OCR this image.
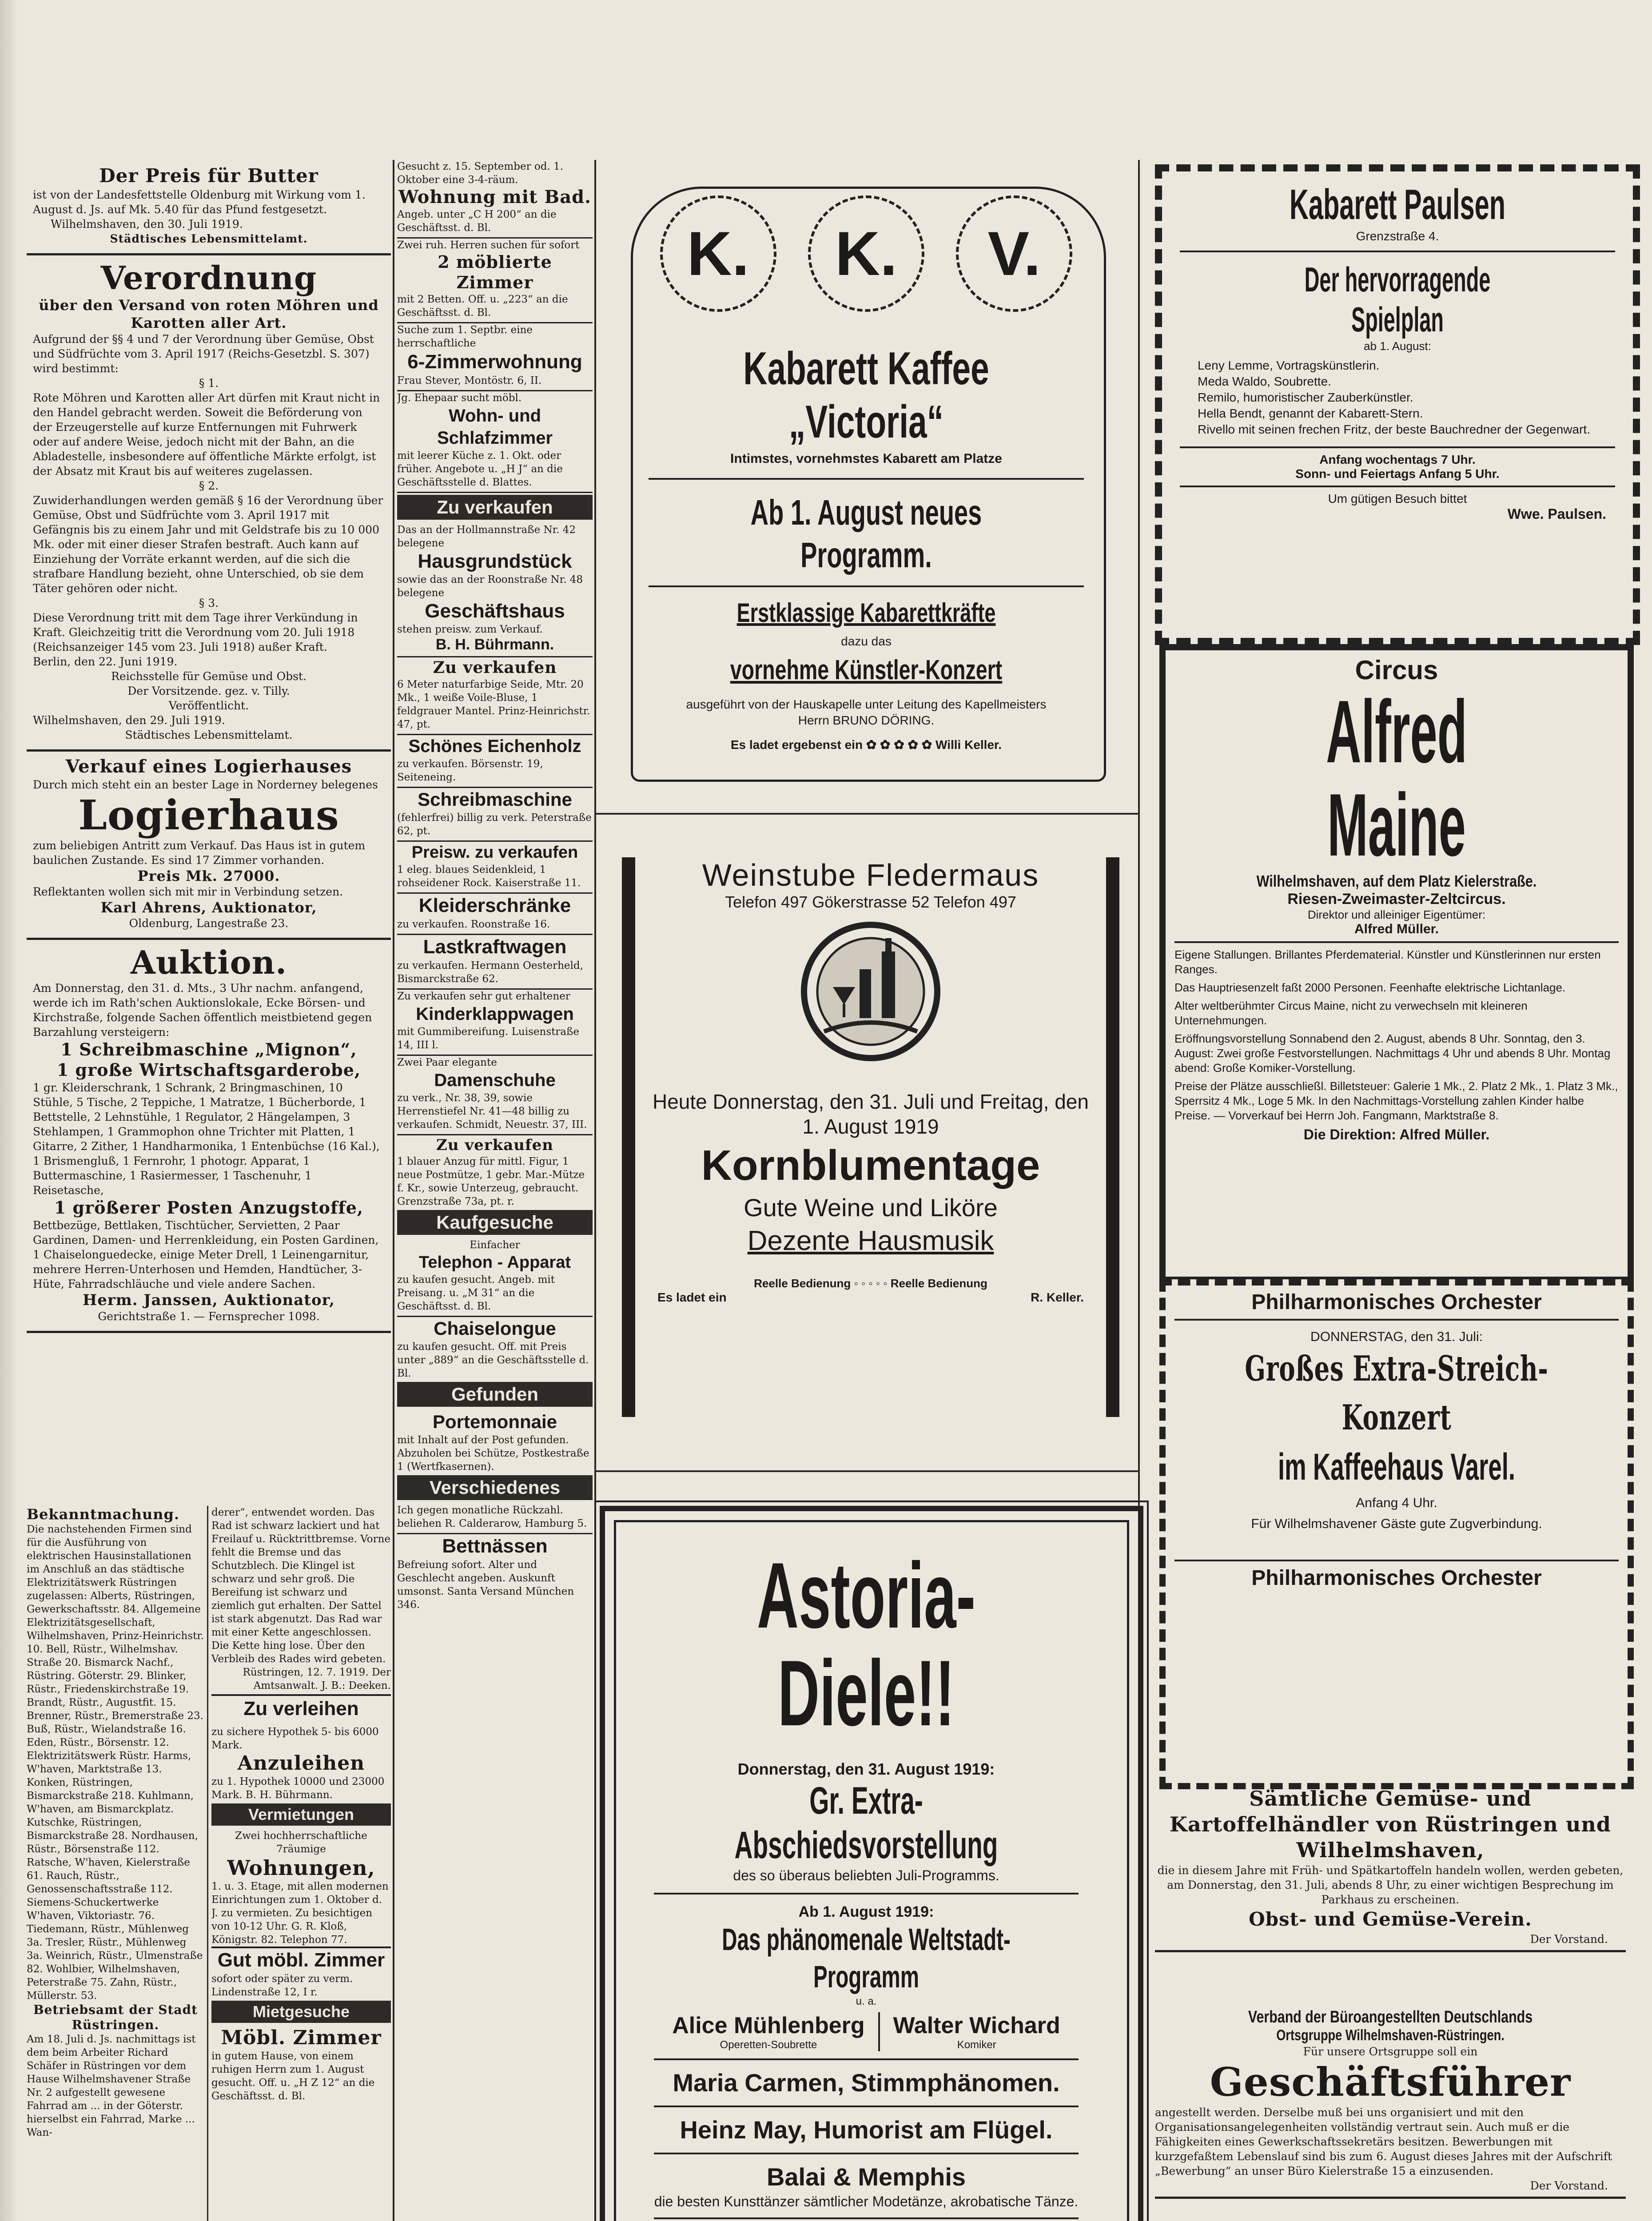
Der Preis für Butter

ist von der Landesfettstelle Oldenburg mit Wirkung vom 1. August d. Js. auf Mk. 5.40 für das Pfund festgesetzt.

Wilhelmshaven, den 30. Juli 1919.

Städtisches Lebensmittelamt.

Verordnung
über den Versand von roten Möhren und Karotten aller Art.

Aufgrund der §§ 4 und 7 der Verordnung über Gemüse, Obst und Südfrüchte vom 3. April 1917 (Reichs-Gesetzbl. S. 307) wird bestimmt:

§ 1.

Rote Möhren und Karotten aller Art dürfen mit Kraut nicht in den Handel gebracht werden. Soweit die Beförderung von der Erzeugerstelle auf kurze Entfernungen mit Fuhrwerk oder auf andere Weise, jedoch nicht mit der Bahn, an die Abladestelle, insbesondere auf öffentliche Märkte erfolgt, ist der Absatz mit Kraut bis auf weiteres zugelassen.

§ 2.

Zuwiderhandlungen werden gemäß § 16 der Verordnung über Gemüse, Obst und Südfrüchte vom 3. April 1917 mit Gefängnis bis zu einem Jahr und mit Geldstrafe bis zu 10 000 Mk. oder mit einer dieser Strafen bestraft. Auch kann auf Einziehung der Vorräte erkannt werden, auf die sich die strafbare Handlung bezieht, ohne Unterschied, ob sie dem Täter gehören oder nicht.

§ 3.

Diese Verordnung tritt mit dem Tage ihrer Verkündung in Kraft. Gleichzeitig tritt die Verordnung vom 20. Juli 1918 (Reichsanzeiger 145 vom 23. Juli 1918) außer Kraft.

Berlin, den 22. Juni 1919.

Reichsstelle für Gemüse und Obst.

Der Vorsitzende. gez. v. Tilly.

Veröffentlicht.

Wilhelmshaven, den 29. Juli 1919.

Städtisches Lebensmittelamt.

Verkauf eines Logierhauses

Durch mich steht ein an bester Lage in Norderney belegenes

Logierhaus

zum beliebigen Antritt zum Verkauf. Das Haus ist in gutem baulichen Zustande. Es sind 17 Zimmer vorhanden.

Preis Mk. 27000.

Reflektanten wollen sich mit mir in Verbindung setzen.

Karl Ahrens, Auktionator,

Oldenburg, Langestraße 23.

Auktion.

Am Donnerstag, den 31. d. Mts., 3 Uhr nachm. anfangend, werde ich im Rath'schen Auktionslokale, Ecke Börsen- und Kirchstraße, folgende Sachen öffentlich meistbietend gegen Barzahlung versteigern:

1 Schreibmaschine „Mignon“,

1 große Wirtschaftsgarderobe,

1 gr. Kleiderschrank, 1 Schrank, 2 Bringmaschinen, 10 Stühle, 5 Tische, 2 Teppiche, 1 Matratze, 1 Bücherborde, 1 Bettstelle, 2 Lehnstühle, 1 Regulator, 2 Hängelampen, 3 Stehlampen, 1 Grammophon ohne Trichter mit Platten, 1 Gitarre, 2 Zither, 1 Handharmonika, 1 Entenbüchse (16 Kal.), 1 Brismengluß, 1 Fernrohr, 1 photogr. Apparat, 1 Buttermaschine, 1 Rasiermesser, 1 Taschenuhr, 1 Reisetasche,

1 größerer Posten Anzugstoffe,

Bettbezüge, Bettlaken, Tischtücher, Servietten, 2 Paar Gardinen, Damen- und Herrenkleidung, ein Posten Gardinen, 1 Chaiselonguedecke, einige Meter Drell, 1 Leinengarnitur, mehrere Herren-Unterhosen und Hemden, Handtücher, 3-Hüte, Fahrradschläuche und viele andere Sachen.

Herm. Janssen, Auktionator,

Gerichtstraße 1. — Fernsprecher 1098.

Bekanntmachung.

Die nachstehenden Firmen sind für die Ausführung von elektrischen Hausinstallationen im Anschluß an das städtische Elektrizitätswerk Rüstringen zugelassen: Alberts, Rüstringen, Gewerkschaftsstr. 84. Allgemeine Elektrizitätsgesellschaft, Wilhelmshaven, Prinz-Heinrichstr. 10. Bell, Rüstr., Wilhelmshav. Straße 20. Bismarck Nachf., Rüstring. Göterstr. 29. Blinker, Rüstr., Friedenskirchstraße 19. Brandt, Rüstr., Augustfit. 15. Brenner, Rüstr., Bremerstraße 23. Buß, Rüstr., Wielandstraße 16. Eden, Rüstr., Börsenstr. 12. Elektrizitätswerk Rüstr. Harms, W'haven, Marktstraße 13. Konken, Rüstringen, Bismarckstraße 218. Kuhlmann, W'haven, am Bismarckplatz. Kutschke, Rüstringen, Bismarckstraße 28. Nordhausen, Rüstr., Börsenstraße 112. Ratsche, W'haven, Kielerstraße 61. Rauch, Rüstr., Genossenschaftsstraße 112. Siemens-Schuckertwerke W'haven, Viktoriastr. 76. Tiedemann, Rüstr., Mühlenweg 3a. Tresler, Rüstr., Mühlenweg 3a. Weinrich, Rüstr., Ulmenstraße 82. Wohlbier, Wilhelmshaven, Peterstraße 75. Zahn, Rüstr., Müllerstr. 53.

Betriebsamt der Stadt Rüstringen.

Am 18. Juli d. Js. nachmittags ist dem beim Arbeiter Richard Schäfer in Rüstringen vor dem Hause Wilhelmshavener Straße Nr. 2 aufgestellt gewesene Fahrrad am ... in der Göterstr. hierselbst ein Fahrrad, Marke ... Wan-

derer“, entwendet worden. Das Rad ist schwarz lackiert und hat Freilauf u. Rücktrittbremse. Vorne fehlt die Bremse und das Schutzblech. Die Klingel ist schwarz und sehr groß. Die Bereifung ist schwarz und ziemlich gut erhalten. Der Sattel ist stark abgenutzt. Das Rad war mit einer Kette angeschlossen. Die Kette hing lose. Über den Verbleib des Rades wird gebeten.

Rüstringen, 12. 7. 1919. Der Amtsanwalt. J. B.: Deeken.

Zu verleihen

zu sichere Hypothek 5- bis 6000 Mark.

Anzuleihen

zu 1. Hypothek 10000 und 23000 Mark. B. H. Bührmann.

Vermietungen

Zwei hochherrschaftliche 7räumige

Wohnungen,

1. u. 3. Etage, mit allen modernen Einrichtungen zum 1. Oktober d. J. zu vermieten. Zu besichtigen von 10-12 Uhr. G. R. Kloß, Königstr. 82. Telephon 77.

Gut möbl. Zimmer

sofort oder später zu verm. Lindenstraße 12, I r.

Mietgesuche
Möbl. Zimmer

in gutem Hause, von einem ruhigen Herrn zum 1. August gesucht. Off. u. „H Z 12“ an die Geschäftsst. d. Bl.

Gesucht z. 15. September od. 1. Oktober eine 3-4-räum.

Wohnung mit Bad.

Angeb. unter „C H 200“ an die Geschäftsst. d. Bl.

Zwei ruh. Herren suchen für sofort

2 möblierte Zimmer

mit 2 Betten. Off. u. „223“ an die Geschäftsst. d. Bl.

Suche zum 1. Septbr. eine herrschaftliche

6-Zimmerwohnung

Frau Stever, Montöstr. 6, II.

Jg. Ehepaar sucht möbl.

Wohn- und Schlafzimmer

mit leerer Küche z. 1. Okt. oder früher. Angebote u. „H J“ an die Geschäftsstelle d. Blattes.

Zu verkaufen

Das an der Hollmannstraße Nr. 42 belegene

Hausgrundstück

sowie das an der Roonstraße Nr. 48 belegene

Geschäftshaus

stehen preisw. zum Verkauf.

B. H. Bührmann.

Zu verkaufen

6 Meter naturfarbige Seide, Mtr. 20 Mk., 1 weiße Voile-Bluse, 1 feldgrauer Mantel. Prinz-Heinrichstr. 47, pt.

Schönes Eichenholz

zu verkaufen. Börsenstr. 19, Seiteneing.

Schreibmaschine

(fehlerfrei) billig zu verk. Peterstraße 62, pt.

Preisw. zu verkaufen

1 eleg. blaues Seidenkleid, 1 rohseidener Rock. Kaiserstraße 11.

Kleiderschränke

zu verkaufen. Roonstraße 16.

Lastkraftwagen

zu verkaufen. Hermann Oesterheld, Bismarckstraße 62.

Zu verkaufen sehr gut erhaltener

Kinderklappwagen

mit Gummibereifung. Luisenstraße 14, III l.

Zwei Paar elegante

Damenschuhe

zu verk., Nr. 38, 39, sowie Herrenstiefel Nr. 41—48 billig zu verkaufen. Schmidt, Neuestr. 37, III.

Zu verkaufen

1 blauer Anzug für mittl. Figur, 1 neue Postmütze, 1 gebr. Mar.-Mütze f. Kr., sowie Unterzeug, gebraucht. Grenzstraße 73a, pt. r.

Kaufgesuche

Einfacher

Telephon - Apparat

zu kaufen gesucht. Angeb. mit Preisang. u. „M 31“ an die Geschäftsst. d. Bl.

Chaiselongue

zu kaufen gesucht. Off. mit Preis unter „889“ an die Geschäftsstelle d. Bl.

Gefunden
Portemonnaie

mit Inhalt auf der Post gefunden. Abzuholen bei Schütze, Postkestraße 1 (Wertfkasernen).

Verschiedenes

Ich gegen monatliche Rückzahl. beliehen R. Calderarow, Hamburg 5.

Bettnässen

Befreiung sofort. Alter und Geschlecht angeben. Auskunft umsonst. Santa Versand München 346.

K. K. V.
Kabarett Kaffee „Victoria“
Intimstes, vornehmstes Kabarett am Platze
Ab 1. August neues Programm.
Erstklassige Kabarettkräfte
dazu das
vornehme Künstler-Konzert
ausgeführt von der Hauskapelle unter Leitung des Kapellmeisters Herrn BRUNO DÖRING.
Es ladet ergebenst ein ✿ ✿ ✿ ✿ ✿ Willi Keller.
Weinstube Fledermaus
Telefon 497 Gökerstrasse 52 Telefon 497
Heute Donnerstag, den 31. Juli und Freitag, den 1. August 1919
Kornblumentage
Gute Weine und Liköre
Dezente Hausmusik
Reelle Bedienung ◦ ◦ ◦ ◦ ◦ Reelle Bedienung
Es ladet ein	R. Keller.
Astoria-Diele!!
Donnerstag, den 31. August 1919:
Gr. Extra-Abschiedsvorstellung
des so überaus beliebten Juli-Programms.
Ab 1. August 1919:
Das phänomenale Weltstadt-Programm
u. a.
Alice Mühlenberg
Operetten-Soubrette
Walter Wichard
Komiker
Maria Carmen, Stimmphänomen.
Heinz May, Humorist am Flügel.
Balai & Memphis
die besten Kunsttänzer sämtlicher Modetänze, akrobatische Tänze.
Kabarett Paulsen
Grenzstraße 4.
Der hervorragende Spielplan
ab 1. August:
Leny Lemme, Vortragskünstlerin.
Meda Waldo, Soubrette.
Remilo, humoristischer Zauberkünstler.
Hella Bendt, genannt der Kabarett-Stern.
Rivello mit seinen frechen Fritz, der beste Bauchredner der Gegenwart.
Anfang wochentags 7 Uhr.
Sonn- und Feiertags Anfang 5 Uhr.
Um gütigen Besuch bittet
Wwe. Paulsen.
Circus
Alfred Maine
Wilhelmshaven, auf dem Platz Kielerstraße.
Riesen-Zweimaster-Zeltcircus.
Direktor und alleiniger Eigentümer:
Alfred Müller.

Eigene Stallungen. Brillantes Pferdematerial. Künstler und Künstlerinnen nur ersten Ranges.

Das Hauptriesenzelt faßt 2000 Personen. Feenhafte elektrische Lichtanlage.

Alter weltberühmter Circus Maine, nicht zu verwechseln mit kleineren Unternehmungen.

Eröffnungsvorstellung Sonnabend den 2. August, abends 8 Uhr. Sonntag, den 3. August: Zwei große Festvorstellungen. Nachmittags 4 Uhr und abends 8 Uhr. Montag abend: Große Komiker-Vorstellung.

Preise der Plätze ausschließl. Billetsteuer: Galerie 1 Mk., 2. Platz 2 Mk., 1. Platz 3 Mk., Sperrsitz 4 Mk., Loge 5 Mk. In den Nachmittags-Vorstellung zahlen Kinder halbe Preise. — Vorverkauf bei Herrn Joh. Fangmann, Marktstraße 8.

Die Direktion: Alfred Müller.
Philharmonisches Orchester
DONNERSTAG, den 31. Juli:
Großes Extra-Streich-Konzert
im Kaffeehaus Varel.
Anfang 4 Uhr.
Für Wilhelmshavener Gäste gute Zugverbindung.
Philharmonisches Orchester
Sämtliche Gemüse- und Kartoffelhändler von Rüstringen und Wilhelmshaven,

die in diesem Jahre mit Früh- und Spätkartoffeln handeln wollen, werden gebeten, am Donnerstag, den 31. Juli, abends 8 Uhr, zu einer wichtigen Besprechung im Parkhaus zu erscheinen.

Obst- und Gemüse-Verein.

Der Vorstand.

Verband der Büroangestellten Deutschlands
Ortsgruppe Wilhelmshaven-Rüstringen.

Für unsere Ortsgruppe soll ein

Geschäftsführer

angestellt werden. Derselbe muß bei uns organisiert und mit den Organisationsangelegenheiten vollständig vertraut sein. Auch muß er die Fähigkeiten eines Gewerkschaftssekretärs besitzen. Bewerbungen mit kurzgefaßtem Lebenslauf sind bis zum 6. August dieses Jahres mit der Aufschrift „Bewerbung“ an unser Büro Kielerstraße 15 a einzusenden.

Der Vorstand.
